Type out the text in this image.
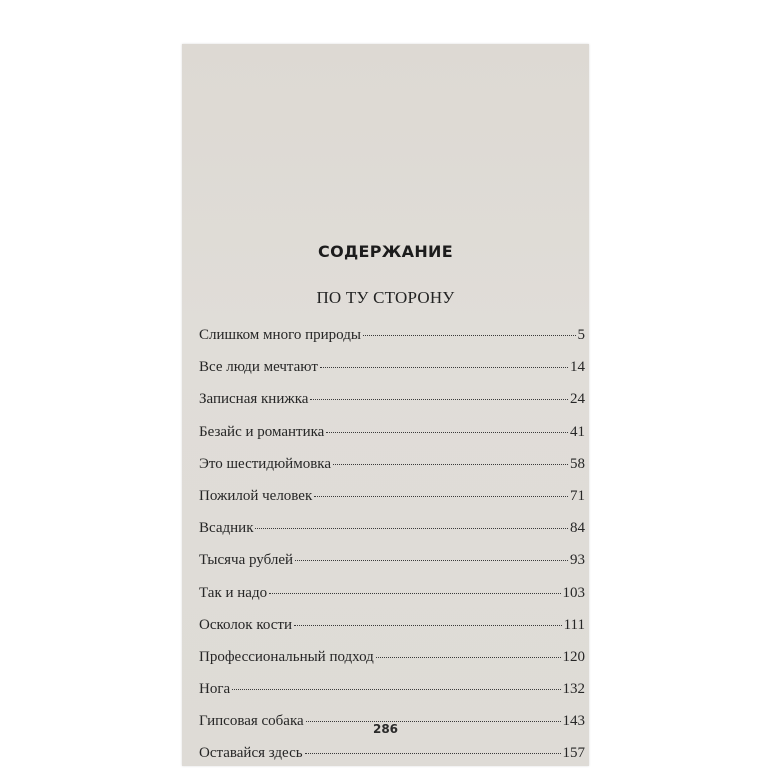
СОДЕРЖАНИЕ
ПО ТУ СТОРОНУ
Слишком много природы	5
Все люди мечтают	14
Записная книжка	24
Безайс и романтика	41
Это шестидюймовка	58
Пожилой человек	71
Всадник	84
Тысяча рублей	93
Так и надо	103
Осколок кости	111
Профессиональный подход	120
Нога	132
Гипсовая собака	143
Оставайся здесь	157
286
